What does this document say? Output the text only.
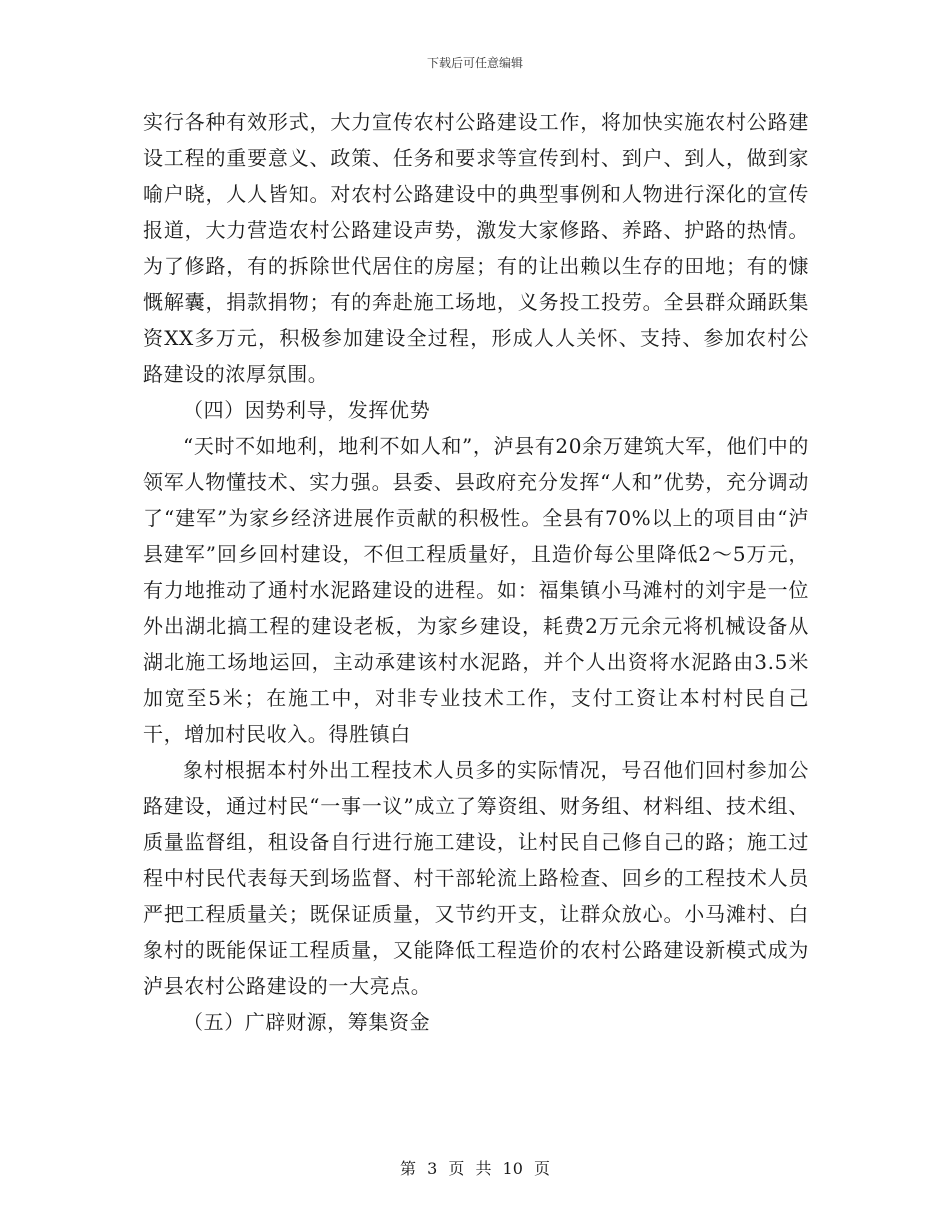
下载后可任意编辑

实行各种有效形式，大力宣传农村公路建设工作，将加快实施农村公路建设工程的重要意义、政策、任务和要求等宣传到村、到户、到人，做到家喻户晓，人人皆知。对农村公路建设中的典型事例和人物进行深化的宣传报道，大力营造农村公路建设声势，激发大家修路、养路、护路的热情。为了修路，有的拆除世代居住的房屋；有的让出赖以生存的田地；有的慷慨解囊，捐款捐物；有的奔赴施工场地，义务投工投劳。全县群众踊跃集资XX多万元，积极参加建设全过程，形成人人关怀、支持、参加农村公路建设的浓厚氛围。

（四）因势利导，发挥优势

“天时不如地利，地利不如人和”，泸县有20余万建筑大军，他们中的领军人物懂技术、实力强。县委、县政府充分发挥“人和”优势，充分调动了“建军”为家乡经济进展作贡献的积极性。全县有70%以上的项目由“泸县建军”回乡回村建设，不但工程质量好，且造价每公里降低2～5万元，有力地推动了通村水泥路建设的进程。如：福集镇小马滩村的刘宇是一位外出湖北搞工程的建设老板，为家乡建设，耗费2万元余元将机械设备从湖北施工场地运回，主动承建该村水泥路，并个人出资将水泥路由3.5米加宽至5米；在施工中，对非专业技术工作，支付工资让本村村民自己干，增加村民收入。得胜镇白

象村根据本村外出工程技术人员多的实际情况，号召他们回村参加公路建设，通过村民“一事一议”成立了筹资组、财务组、材料组、技术组、质量监督组，租设备自行进行施工建设，让村民自己修自己的路；施工过程中村民代表每天到场监督、村干部轮流上路检查、回乡的工程技术人员严把工程质量关；既保证质量，又节约开支，让群众放心。小马滩村、白象村的既能保证工程质量，又能降低工程造价的农村公路建设新模式成为泸县农村公路建设的一大亮点。

（五）广辟财源，筹集资金

第 3 页 共 10 页
